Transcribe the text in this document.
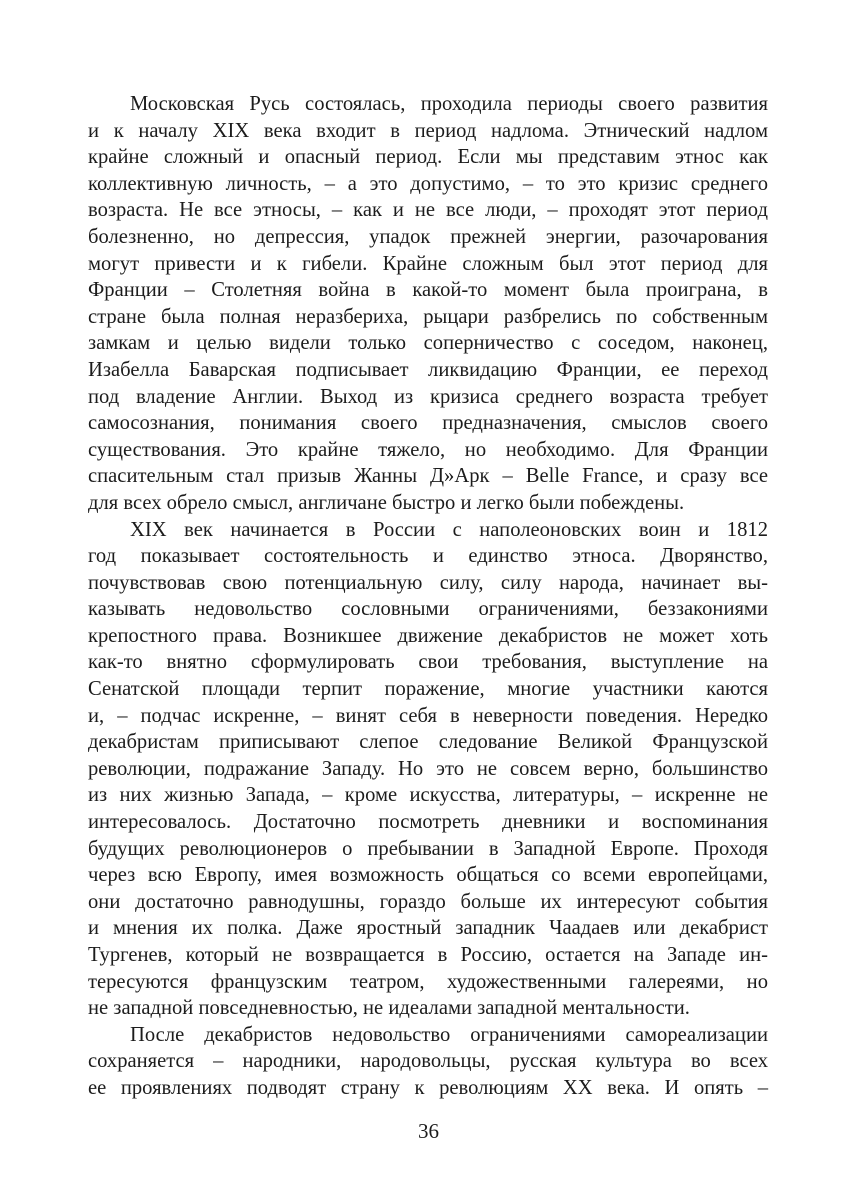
Московская Русь состоялась, проходила периоды своего развития
и к началу XIX века входит в период надлома. Этнический надлом
крайне сложный и опасный период. Если мы представим этнос как
коллективную личность, – а это допустимо, – то это кризис среднего
возраста. Не все этносы, – как и не все люди, – проходят этот период
болезненно, но депрессия, упадок прежней энергии, разочарования
могут привести и к гибели. Крайне сложным был этот период для
Франции – Столетняя война в какой-то момент была проиграна, в
стране была полная неразбериха, рыцари разбрелись по собственным
замкам и целью видели только соперничество с соседом, наконец,
Изабелла Баварская подписывает ликвидацию Франции, ее переход
под владение Англии. Выход из кризиса среднего возраста требует
самосознания, понимания своего предназначения, смыслов своего
существования. Это крайне тяжело, но необходимо. Для Франции
спасительным стал призыв Жанны Д»Арк – Belle France, и сразу все
для всех обрело смысл, англичане быстро и легко были побеждены.
XIX век начинается в России с наполеоновских воин и 1812
год показывает состоятельность и единство этноса. Дворянство,
почувствовав свою потенциальную силу, силу народа, начинает вы-
казывать недовольство сословными ограничениями, беззакониями
крепостного права. Возникшее движение декабристов не может хоть
как-то внятно сформулировать свои требования, выступление на
Сенатской площади терпит поражение, многие участники каются
и, – подчас искренне, – винят себя в неверности поведения. Нередко
декабристам приписывают слепое следование Великой Французской
революции, подражание Западу. Но это не совсем верно, большинство
из них жизнью Запада, – кроме искусства, литературы, – искренне не
интересовалось. Достаточно посмотреть дневники и воспоминания
будущих революционеров о пребывании в Западной Европе. Проходя
через всю Европу, имея возможность общаться со всеми европейцами,
они достаточно равнодушны, гораздо больше их интересуют события
и мнения их полка. Даже яростный западник Чаадаев или декабрист
Тургенев, который не возвращается в Россию, остается на Западе ин-
тересуются французским театром, художественными галереями, но
не западной повседневностью, не идеалами западной ментальности.
После декабристов недовольство ограничениями самореализации
сохраняется – народники, народовольцы, русская культура во всех
ее проявлениях подводят страну к революциям XX века. И опять –
36
